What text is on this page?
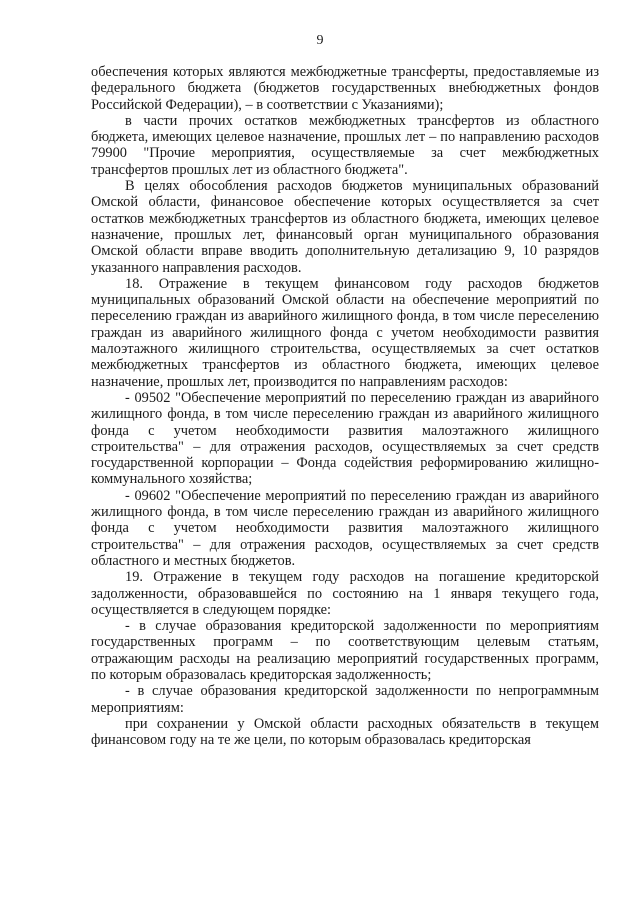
9

обеспечения которых являются межбюджетные трансферты, предоставляемые из федерального бюджета (бюджетов государственных внебюджетных фондов Российской Федерации), – в соответствии с Указаниями);

в части прочих остатков межбюджетных трансфертов из областного бюджета, имеющих целевое назначение, прошлых лет – по направлению расходов 79900 "Прочие мероприятия, осуществляемые за счет межбюджетных трансфертов прошлых лет из областного бюджета".

В целях обособления расходов бюджетов муниципальных образований Омской области, финансовое обеспечение которых осуществляется за счет остатков межбюджетных трансфертов из областного бюджета, имеющих целевое назначение, прошлых лет, финансовый орган муниципального образования Омской области вправе вводить дополнительную детализацию 9, 10 разрядов указанного направления расходов.

18. Отражение в текущем финансовом году расходов бюджетов муниципальных образований Омской области на обеспечение мероприятий по переселению граждан из аварийного жилищного фонда, в том числе переселению граждан из аварийного жилищного фонда с учетом необходимости развития малоэтажного жилищного строительства, осуществляемых за счет остатков межбюджетных трансфертов из областного бюджета, имеющих целевое назначение, прошлых лет, производится по направлениям расходов:

- 09502 "Обеспечение мероприятий по переселению граждан из аварийного жилищного фонда, в том числе переселению граждан из аварийного жилищного фонда с учетом необходимости развития малоэтажного жилищного строительства" – для отражения расходов, осуществляемых за счет средств государственной корпорации – Фонда содействия реформированию жилищно-коммунального хозяйства;

- 09602 "Обеспечение мероприятий по переселению граждан из аварийного жилищного фонда, в том числе переселению граждан из аварийного жилищного фонда с учетом необходимости развития малоэтажного жилищного строительства" – для отражения расходов, осуществляемых за счет средств областного и местных бюджетов.

19. Отражение в текущем году расходов на погашение кредиторской задолженности, образовавшейся по состоянию на 1 января текущего года, осуществляется в следующем порядке:

- в случае образования кредиторской задолженности по мероприятиям государственных программ – по соответствующим целевым статьям, отражающим расходы на реализацию мероприятий государственных программ, по которым образовалась кредиторская задолженность;

- в случае образования кредиторской задолженности по непрограммным мероприятиям:

при сохранении у Омской области расходных обязательств в текущем финансовом году на те же цели, по которым образовалась кредиторская
